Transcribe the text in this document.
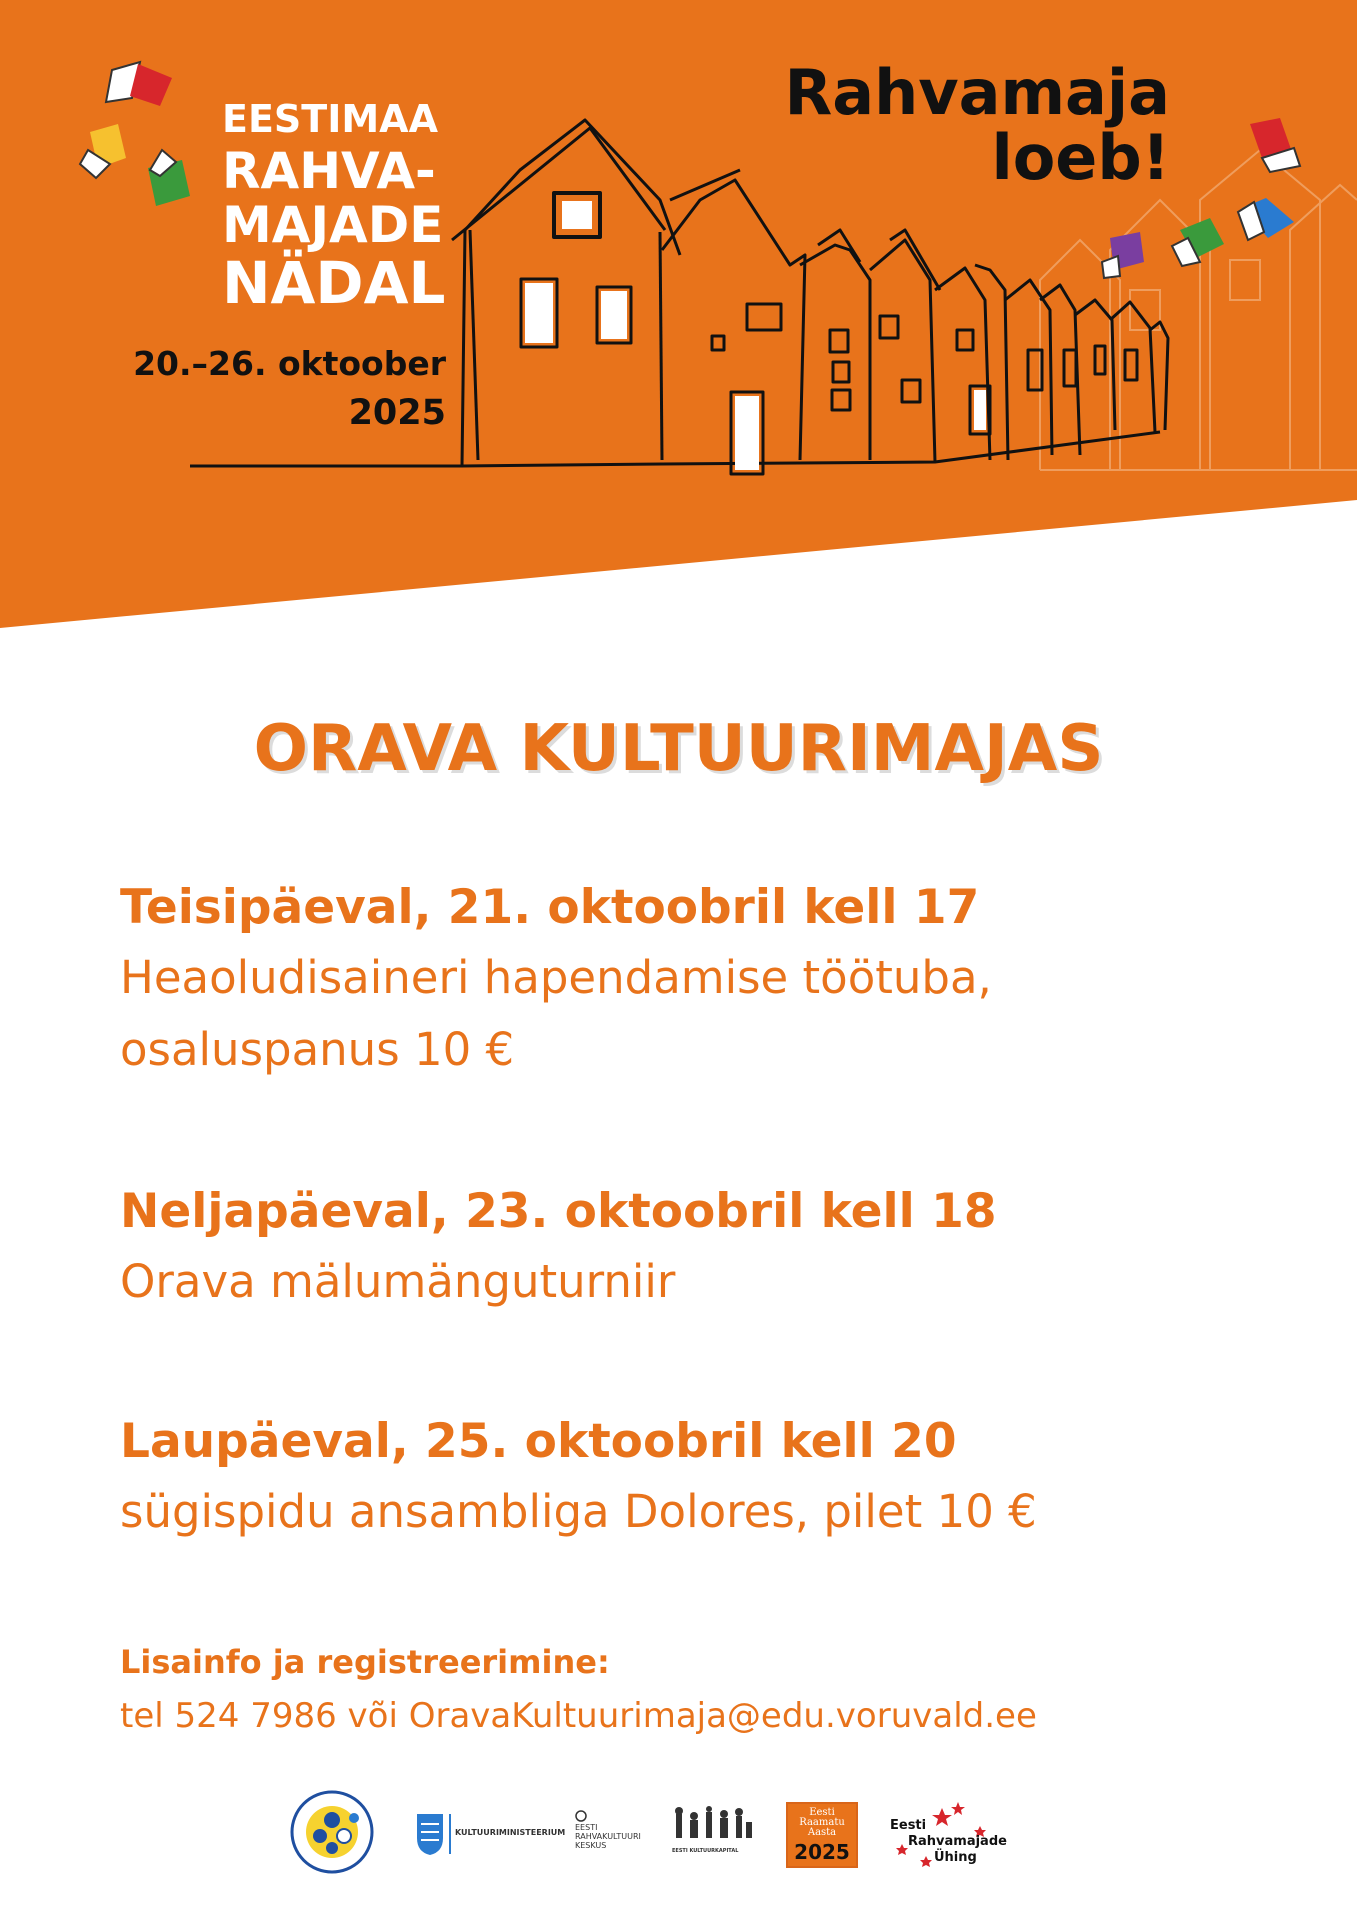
EESTIMAA
RAHVA-
MAJADE
NÄDAL
20.–26. oktoober
2025
Rahvamaja
loeb!
ORAVA KULTUURIMAJAS
Teisipäeval, 21. oktoobril kell 17
Heaoludisaineri hapendamise töötuba,
osaluspanus 10 €
Neljapäeval, 23. oktoobril kell 18
Orava mälumänguturniir
Laupäeval, 25. oktoobril kell 20
sügispidu ansambliga Dolores, pilet 10 €
Lisainfo ja registreerimine:
tel 524 7986 või OravaKultuurimaja@edu.voruvald.ee
KULTUURIMINISTEERIUM
EESTI
RAHVAKULTUURI
KESKUS
EESTI KULTUURKAPITAL
Eesti
Raamatu
Aasta
2025
Eesti
Rahvamajade
Ühing
